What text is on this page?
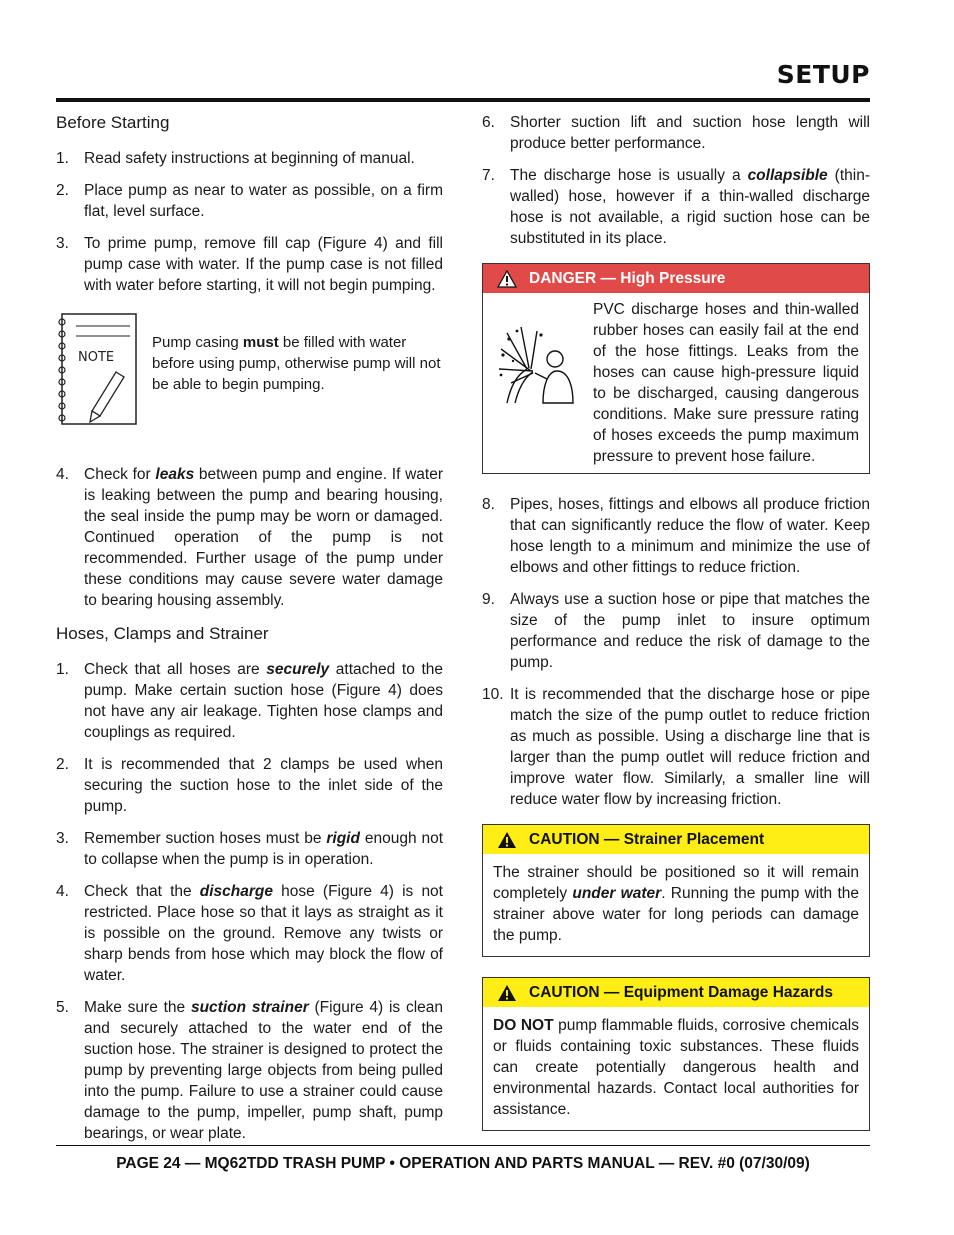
SETUP
Before Starting
1. Read safety instructions at beginning of manual.
2. Place pump as near to water as possible, on a firm flat, level surface.
3. To prime pump, remove fill cap (Figure 4) and fill pump case with water. If the pump case is not filled with water before starting, it will not begin pumping.
NOTE
Pump casing must be filled with water before using pump, otherwise pump will not be able to begin pumping.
4. Check for leaks between pump and engine. If water is leaking between the pump and bearing housing, the seal inside the pump may be worn or damaged. Continued operation of the pump is not recommended. Further usage of the pump under these conditions may cause severe water damage to bearing housing assembly.
Hoses, Clamps and Strainer
1. Check that all hoses are securely attached to the pump. Make certain suction hose (Figure 4) does not have any air leakage. Tighten hose clamps and couplings as required.
2. It is recommended that 2 clamps be used when securing the suction hose to the inlet side of the pump.
3. Remember suction hoses must be rigid enough not to collapse when the pump is in operation.
4. Check that the discharge hose (Figure 4) is not restricted. Place hose so that it lays as straight as it is possible on the ground. Remove any twists or sharp bends from hose which may block the flow of water.
5. Make sure the suction strainer (Figure 4) is clean and securely attached to the water end of the suction hose. The strainer is designed to protect the pump by preventing large objects from being pulled into the pump. Failure to use a strainer could cause damage to the pump, impeller, pump shaft, pump bearings, or wear plate.
6. Shorter suction lift and suction hose length will produce better performance.
7. The discharge hose is usually a collapsible (thin-walled) hose, however if a thin-walled discharge hose is not available, a rigid suction hose can be substituted in its place.
DANGER — High Pressure
PVC discharge hoses and thin-walled rubber hoses can easily fail at the end of the hose fittings. Leaks from the hoses can cause high-pressure liquid to be discharged, causing dangerous conditions. Make sure pressure rating of hoses exceeds the pump maximum pressure to prevent hose failure.
8. Pipes, hoses, fittings and elbows all produce friction that can significantly reduce the flow of water. Keep hose length to a minimum and minimize the use of elbows and other fittings to reduce friction.
9. Always use a suction hose or pipe that matches the size of the pump inlet to insure optimum performance and reduce the risk of damage to the pump.
10. It is recommended that the discharge hose or pipe match the size of the pump outlet to reduce friction as much as possible. Using a discharge line that is larger than the pump outlet will reduce friction and improve water flow. Similarly, a smaller line will reduce water flow by increasing friction.
CAUTION — Strainer Placement
The strainer should be positioned so it will remain completely under water. Running the pump with the strainer above water for long periods can damage the pump.
CAUTION — Equipment Damage Hazards
DO NOT pump flammable fluids, corrosive chemicals or fluids containing toxic substances. These fluids can create potentially dangerous health and environmental hazards. Contact local authorities for assistance.
PAGE 24 — MQ62TDD TRASH PUMP • OPERATION AND PARTS MANUAL — REV. #0 (07/30/09)
